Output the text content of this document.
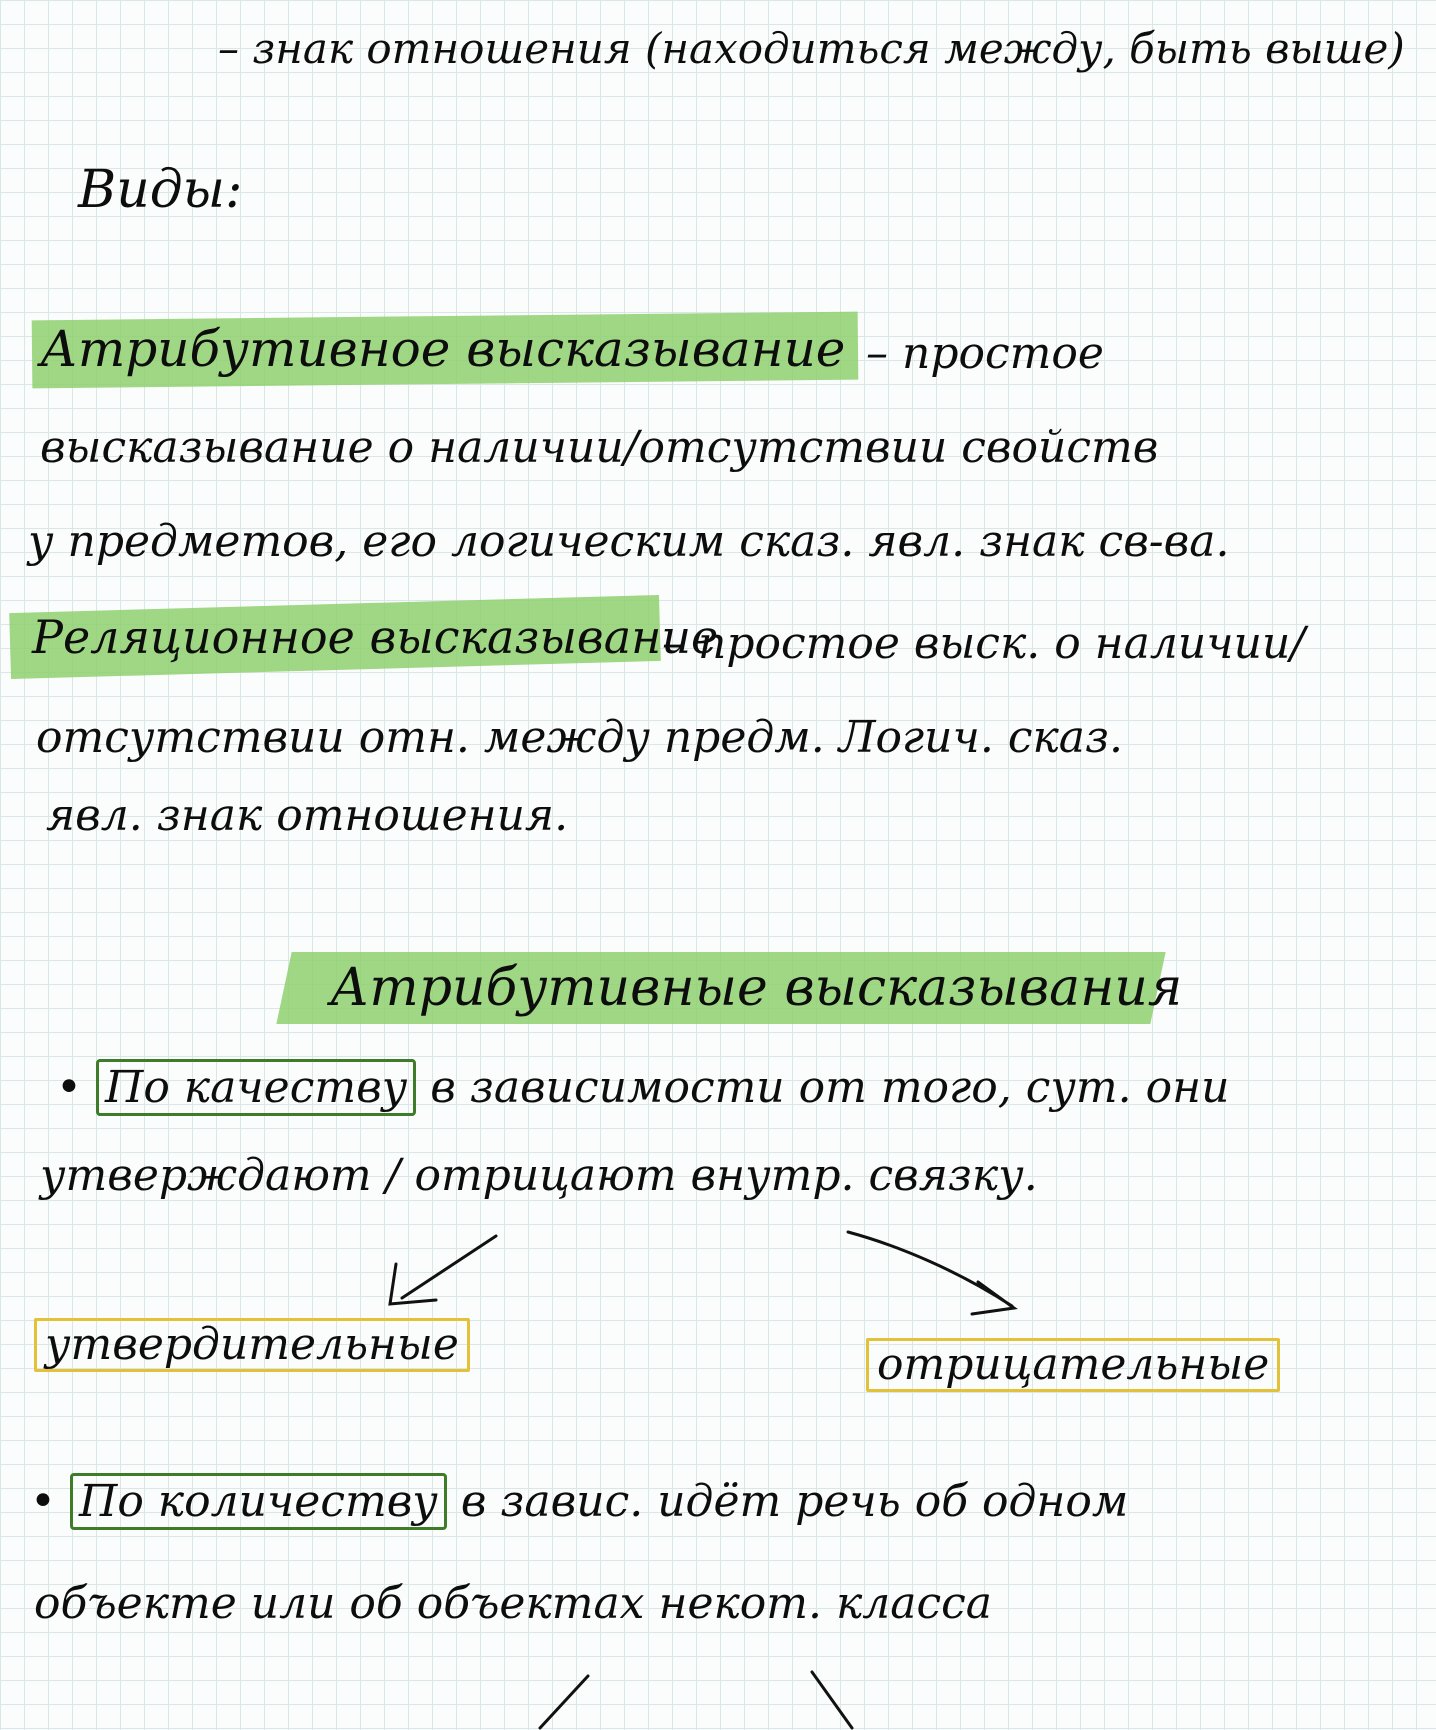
– знак отношения (находиться между, быть выше)
Виды:
Атрибутивное высказывание – простое
высказывание о наличии/отсутствии свойств
у предметов, его логическим сказ. явл. знак св-ва.
Реляционное высказывание
– простое выск. о наличии/
отсутствии отн. между предм. Логич. сказ.
явл. знак отношения.
Атрибутивные высказывания
• По качеству в зависимости от того, сут. они
утверждают / отрицают внутр. связку.
утвердительные	отрицательные
• По количеству в завис. идёт речь об одном
объекте или об объектах некот. класса
